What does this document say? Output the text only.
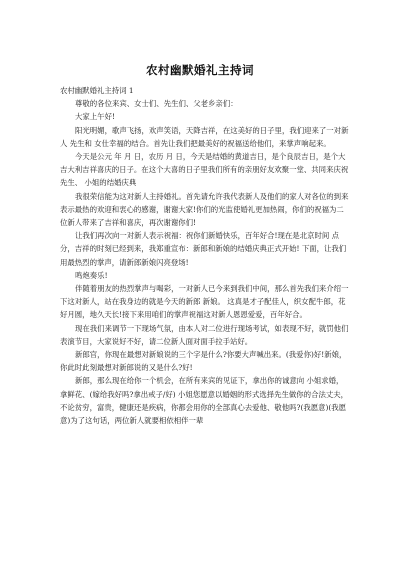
农村幽默婚礼主持词

农村幽默婚礼主持词 1

尊敬的各位来宾、女士们、先生们、父老乡亲们：

大家上午好!

阳光明媚，歌声飞扬，欢声笑语，天降吉祥，在这美好的日子里，我们迎来了一对新人 先生和 女仕幸福的结合。首先让我们把最美好的祝福送给他们，来掌声响起来。

今天是公元 年 月 日，农历 月 日，今天是结婚的黄道吉日，是个良辰吉日，是个大吉大利吉祥喜庆的日子。在这个大喜的日子里我们所有的亲朋好友欢聚一堂、共同来庆祝 先生、 小姐的结婚庆典

我很荣信能为这对新人主持婚礼。首先请允许我代表新人及他们的家人对各位的到来表示最热的欢迎和衷心的感谢，谢谢大家!你们的光监使婚礼更加热闹，你们的祝福为二位新人带来了吉祥和喜庆，再次谢谢你们!

让我们再次向一对新人表示祝福：祝你们新婚快乐，百年好合!现在是北京时间 点 分，吉祥的时刻已经到来，我郑重宣布：新郎和新娘的结婚庆典正式开始! 下面，让我们用最热烈的掌声，请新郎新娘闪亮登场!

鸣炮奏乐!

伴随着朋友的热烈掌声与喝彩，一对新人已今来到我们中间，那么首先我们来介绍一下这对新人，站在我身边的就是今天的新郎 新娘。 这真是才子配佳人，织女配牛郎，花好月圆，地久天长!接下来用咱们的掌声祝福这对新人恩恩爱爱，百年好合。

现在我们来调节一下现场气氛，由本人对二位进行现场考试，如表现不好，就罚他们表演节目，大家说好不好，请二位新人面对面手拉手站好。

新郎官，你现在最想对新娘说的三个字是什么?你要大声喊出来。(我爱你)好!新娘，你此时此刻最想对新郎说的又是什么?好!

新郎，那么现在给你一个机会，在所有来宾的见证下，拿出你的诚意向 小姐求婚，拿鲜花、(嫁给我好吗?拿出戒子/好) 小姐您愿意以婚姻的形式选择先生做你的合法丈夫，不论贫穷，富贵，健康还是疾病，你都会用你的全部真心去爱他、敬他吗?(我愿意)(我愿意)为了这句话，两位新人就要相依相伴一辈
